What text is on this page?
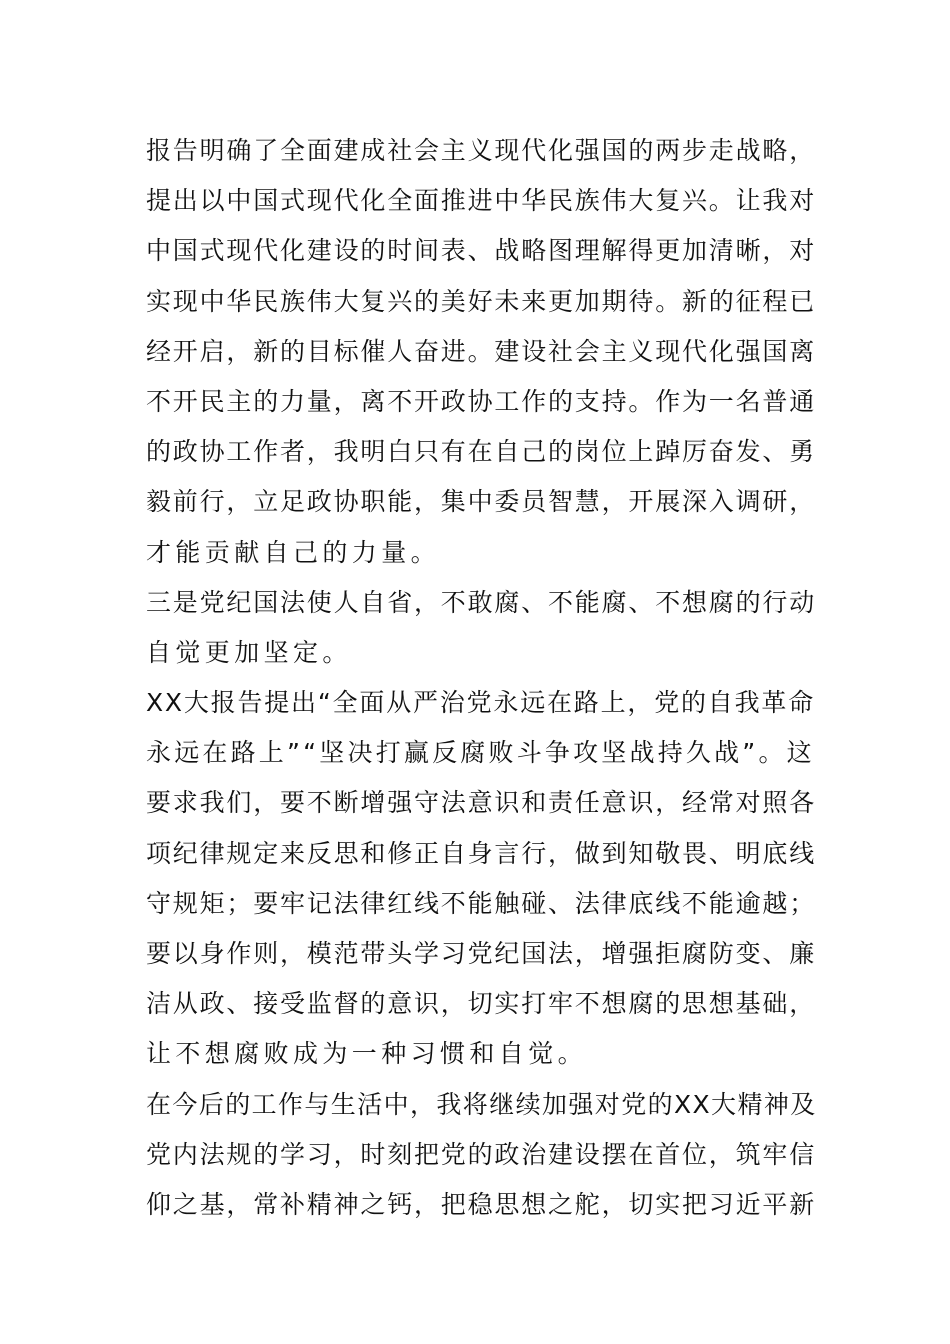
报告明确了全面建成社会主义现代化强国的两步走战略，
提出以中国式现代化全面推进中华民族伟大复兴。让我对
中国式现代化建设的时间表、战略图理解得更加清晰，对
实现中华民族伟大复兴的美好未来更加期待。新的征程已
经开启，新的目标催人奋进。建设社会主义现代化强国离
不开民主的力量，离不开政协工作的支持。作为一名普通
的政协工作者，我明白只有在自己的岗位上踔厉奋发、勇
毅前行，立足政协职能，集中委员智慧，开展深入调研，
才能贡献自己的力量。
三是党纪国法使人自省，不敢腐、不能腐、不想腐的行动
自觉更加坚定。
XX大报告提出“全面从严治党永远在路上，党的自我革命
永远在路上”“坚决打赢反腐败斗争攻坚战持久战”。这
要求我们，要不断增强守法意识和责任意识，经常对照各
项纪律规定来反思和修正自身言行，做到知敬畏、明底线
守规矩；要牢记法律红线不能触碰、法律底线不能逾越；
要以身作则，模范带头学习党纪国法，增强拒腐防变、廉
洁从政、接受监督的意识，切实打牢不想腐的思想基础，
让不想腐败成为一种习惯和自觉。
在今后的工作与生活中，我将继续加强对党的XX大精神及
党内法规的学习，时刻把党的政治建设摆在首位，筑牢信
仰之基，常补精神之钙，把稳思想之舵，切实把习近平新
